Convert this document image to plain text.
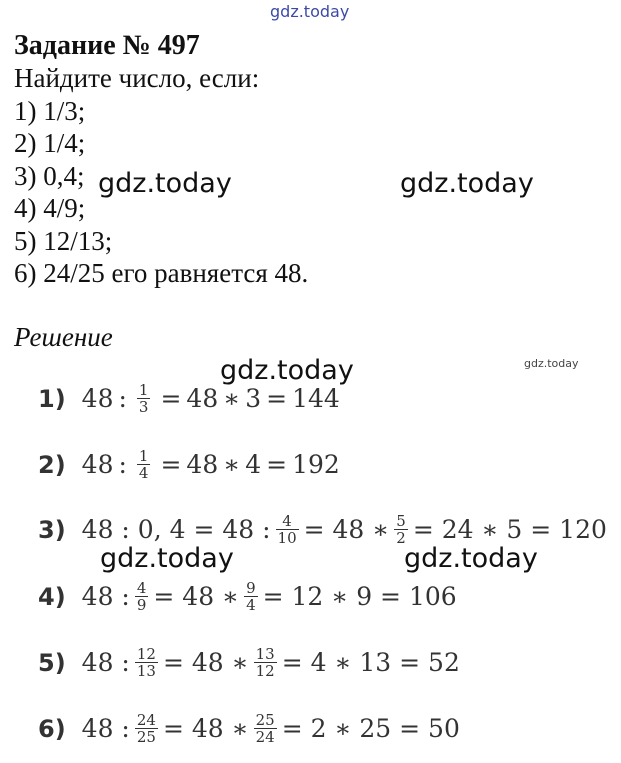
gdz.today

Задание № 497

Найдите число, если:

1) 1/3;

2) 1/4;

3) 0,4;

4) 4/9;

5) 12/13;

6) 24/25 его равняется 48.

Решение
1) 48 : $\frac{1}{3} = 48$ ∗ 3 = 144
2) 48 : $\frac{1}{4} = 48$ ∗ 4 = 192
3) 48 : 0, 4 = 48 : $\frac{4}{10} = 48$ ∗ $\frac{5}{2} = 24$ ∗ 5 = 120
4) 48 : $\frac{4}{9} = 48$ ∗ $\frac{9}{4} = 12$ ∗ 9 = 106
5) 48 : $\frac{12}{13} = 48$ ∗ $\frac{13}{12} = 4$ ∗ 13 = 52
6) 48 : $\frac{24}{25} = 48$ ∗ $\frac{25}{24} = 2$ ∗ 25 = 50
gdz.today	gdz.today
gdz.today	gdz.today
gdz.today	gdz.today
